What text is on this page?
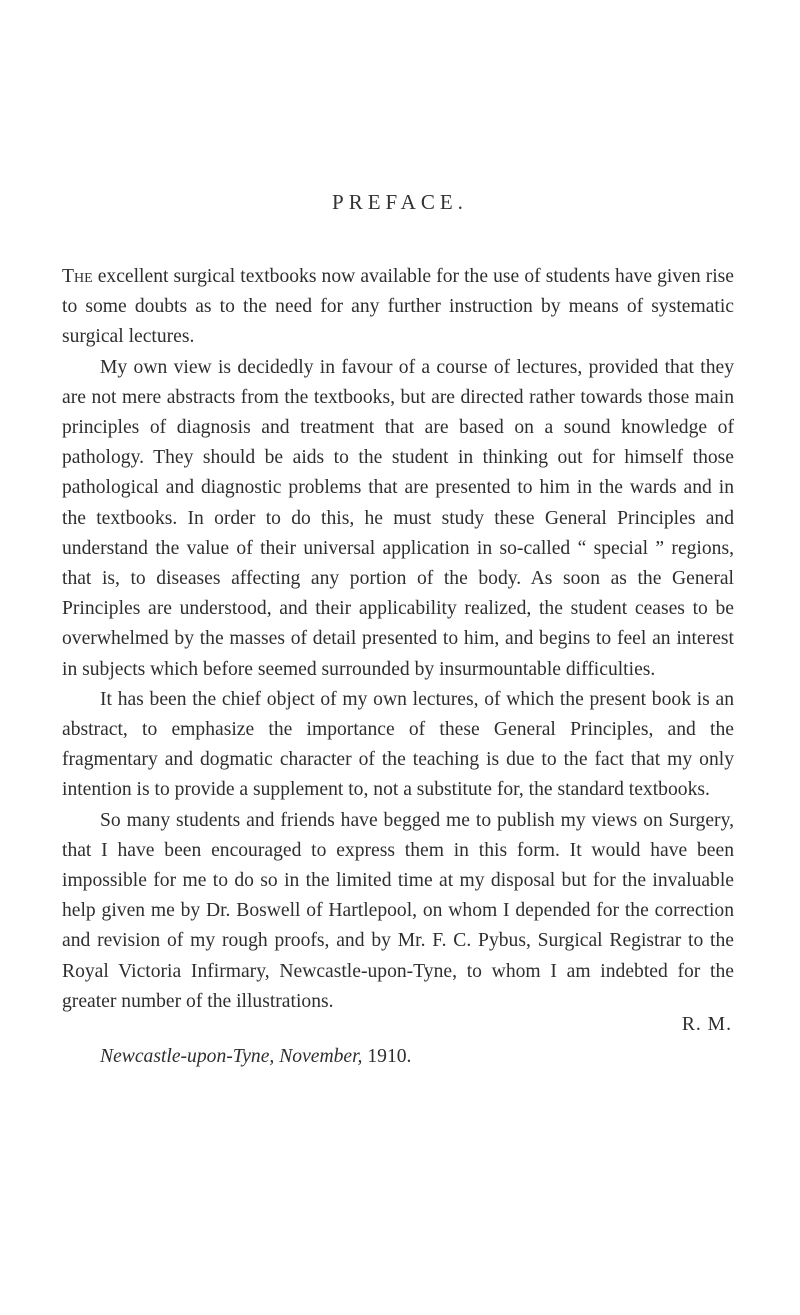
PREFACE.

The excellent surgical textbooks now available for the use of students have given rise to some doubts as to the need for any further instruction by means of systematic surgical lectures.

My own view is decidedly in favour of a course of lectures, provided that they are not mere abstracts from the textbooks, but are directed rather towards those main principles of diagnosis and treatment that are based on a sound knowledge of pathology. They should be aids to the student in thinking out for himself those pathological and diagnostic problems that are presented to him in the wards and in the textbooks. In order to do this, he must study these General Principles and understand the value of their universal application in so-called “ special ” regions, that is, to diseases affecting any portion of the body. As soon as the General Principles are understood, and their applicability realized, the student ceases to be overwhelmed by the masses of detail presented to him, and begins to feel an interest in subjects which before seemed surrounded by insurmountable difficulties.

It has been the chief object of my own lectures, of which the present book is an abstract, to emphasize the importance of these General Principles, and the fragmentary and dogmatic character of the teaching is due to the fact that my only intention is to provide a supplement to, not a substitute for, the standard textbooks.

So many students and friends have begged me to publish my views on Surgery, that I have been encouraged to express them in this form. It would have been impossible for me to do so in the limited time at my disposal but for the invaluable help given me by Dr. Boswell of Hartlepool, on whom I depended for the correction and revision of my rough proofs, and by Mr. F. C. Pybus, Surgical Registrar to the Royal Victoria Infirmary, Newcastle-upon-Tyne, to whom I am indebted for the greater number of the illustrations.

R. M.
Newcastle-upon-Tyne, November, 1910.
